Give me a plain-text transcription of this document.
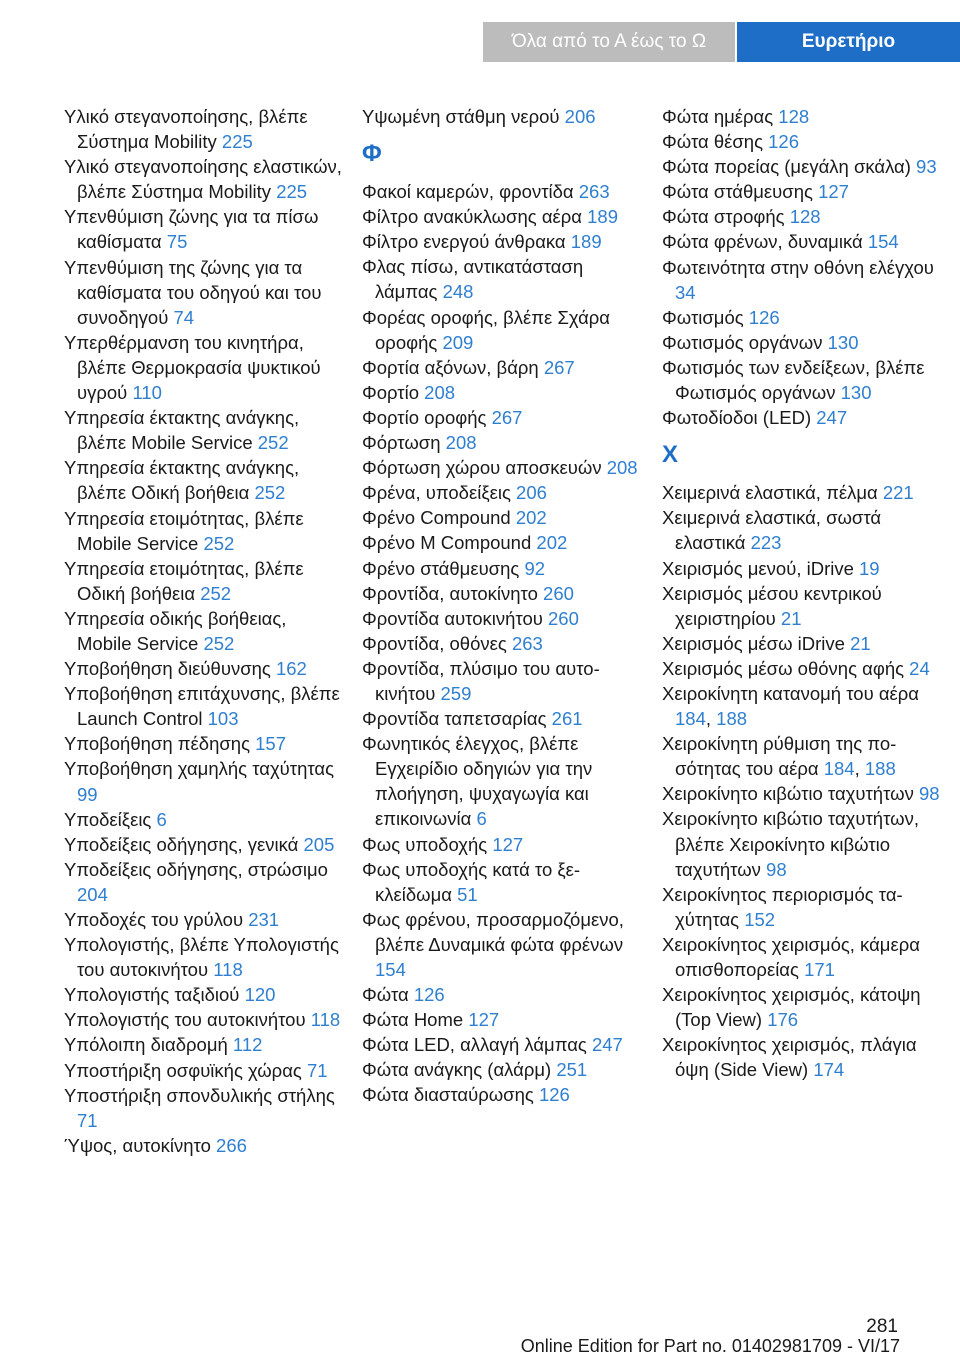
Όλα από το Α έως το Ω	Ευρετήριο
Υλικό στεγανοποίησης, βλέπε Σύστημα Mobility 225
Υλικό στεγανοποίησης ελαστικών, βλέπε Σύστημα Mobility 225
Υπενθύμιση ζώνης για τα πίσω καθίσματα 75
Υπενθύμιση της ζώνης για τα καθίσματα του οδηγού και του συνοδηγού 74
Υπερθέρμανση του κινητήρα, βλέπε Θερμοκρασία ψυκτικού υγρού 110
Υπηρεσία έκτακτης ανάγκης, βλέπε Mobile Service 252
Υπηρεσία έκτακτης ανάγκης, βλέπε Οδική βοήθεια 252
Υπηρεσία ετοιμότητας, βλέπε Mobile Service 252
Υπηρεσία ετοιμότητας, βλέπε Οδική βοήθεια 252
Υπηρεσία οδικής βοήθειας, Mobile Service 252
Υποβοήθηση διεύθυνσης 162
Υποβοήθηση επιτάχυνσης, βλέπε Launch Control 103
Υποβοήθηση πέδησης 157
Υποβοήθηση χαμηλής ταχύτητας 99
Υποδείξεις 6
Υποδείξεις οδήγησης, γενικά 205
Υποδείξεις οδήγησης, στρώσιμο 204
Υποδοχές του γρύλου 231
Υπολογιστής, βλέπε Υπολογιστής του αυτοκινήτου 118
Υπολογιστής ταξιδιού 120
Υπολογιστής του αυτοκινήτου 118
Υπόλοιπη διαδρομή 112
Υποστήριξη οσφυϊκής χώρας 71
Υποστήριξη σπονδυλικής στήλης 71
Ύψος, αυτοκίνητο 266
Υψωμένη στάθμη νερού 206
Φ
Φακοί καμερών, φροντίδα 263
Φίλτρο ανακύκλωσης αέρα 189
Φίλτρο ενεργού άνθρακα 189
Φλας πίσω, αντικατάσταση λάμπας 248
Φορέας οροφής, βλέπε Σχάρα οροφής 209
Φορτία αξόνων, βάρη 267
Φορτίο 208
Φορτίο οροφής 267
Φόρτωση 208
Φόρτωση χώρου αποσκευών 208
Φρένα, υποδείξεις 206
Φρένο Compound 202
Φρένο M Compound 202
Φρένο στάθμευσης 92
Φροντίδα, αυτοκίνητο 260
Φροντίδα αυτοκινήτου 260
Φροντίδα, οθόνες 263
Φροντίδα, πλύσιμο του αυτοκινήτου 259
Φροντίδα ταπετσαρίας 261
Φωνητικός έλεγχος, βλέπε Εγχειρίδιο οδηγιών για την πλοήγηση, ψυχαγωγία και επικοινωνία 6
Φως υποδοχής 127
Φως υποδοχής κατά το ξεκλείδωμα 51
Φως φρένου, προσαρμοζόμενο, βλέπε Δυναμικά φώτα φρένων 154
Φώτα 126
Φώτα Home 127
Φώτα LED, αλλαγή λάμπας 247
Φώτα ανάγκης (αλάρμ) 251
Φώτα διασταύρωσης 126
Φώτα ημέρας 128
Φώτα θέσης 126
Φώτα πορείας (μεγάλη σκάλα) 93
Φώτα στάθμευσης 127
Φώτα στροφής 128
Φώτα φρένων, δυναμικά 154
Φωτεινότητα στην οθόνη ελέγχου 34
Φωτισμός 126
Φωτισμός οργάνων 130
Φωτισμός των ενδείξεων, βλέπε Φωτισμός οργάνων 130
Φωτοδίοδοι (LED) 247
Χ
Χειμερινά ελαστικά, πέλμα 221
Χειμερινά ελαστικά, σωστά ελαστικά 223
Χειρισμός μενού, iDrive 19
Χειρισμός μέσου κεντρικού χειριστηρίου 21
Χειρισμός μέσω iDrive 21
Χειρισμός μέσω οθόνης αφής 24
Χειροκίνητη κατανομή του αέρα 184, 188
Χειροκίνητη ρύθμιση της ποσότητας του αέρα 184, 188
Χειροκίνητο κιβώτιο ταχυτήτων 98
Χειροκίνητο κιβώτιο ταχυτήτων, βλέπε Χειροκίνητο κιβώτιο ταχυτήτων 98
Χειροκίνητος περιορισμός ταχύτητας 152
Χειροκίνητος χειρισμός, κάμερα οπισθοπορείας 171
Χειροκίνητος χειρισμός, κάτοψη (Top View) 176
Χειροκίνητος χειρισμός, πλάγια όψη (Side View) 174
281
Online Edition for Part no. 01402981709 - VI/17
